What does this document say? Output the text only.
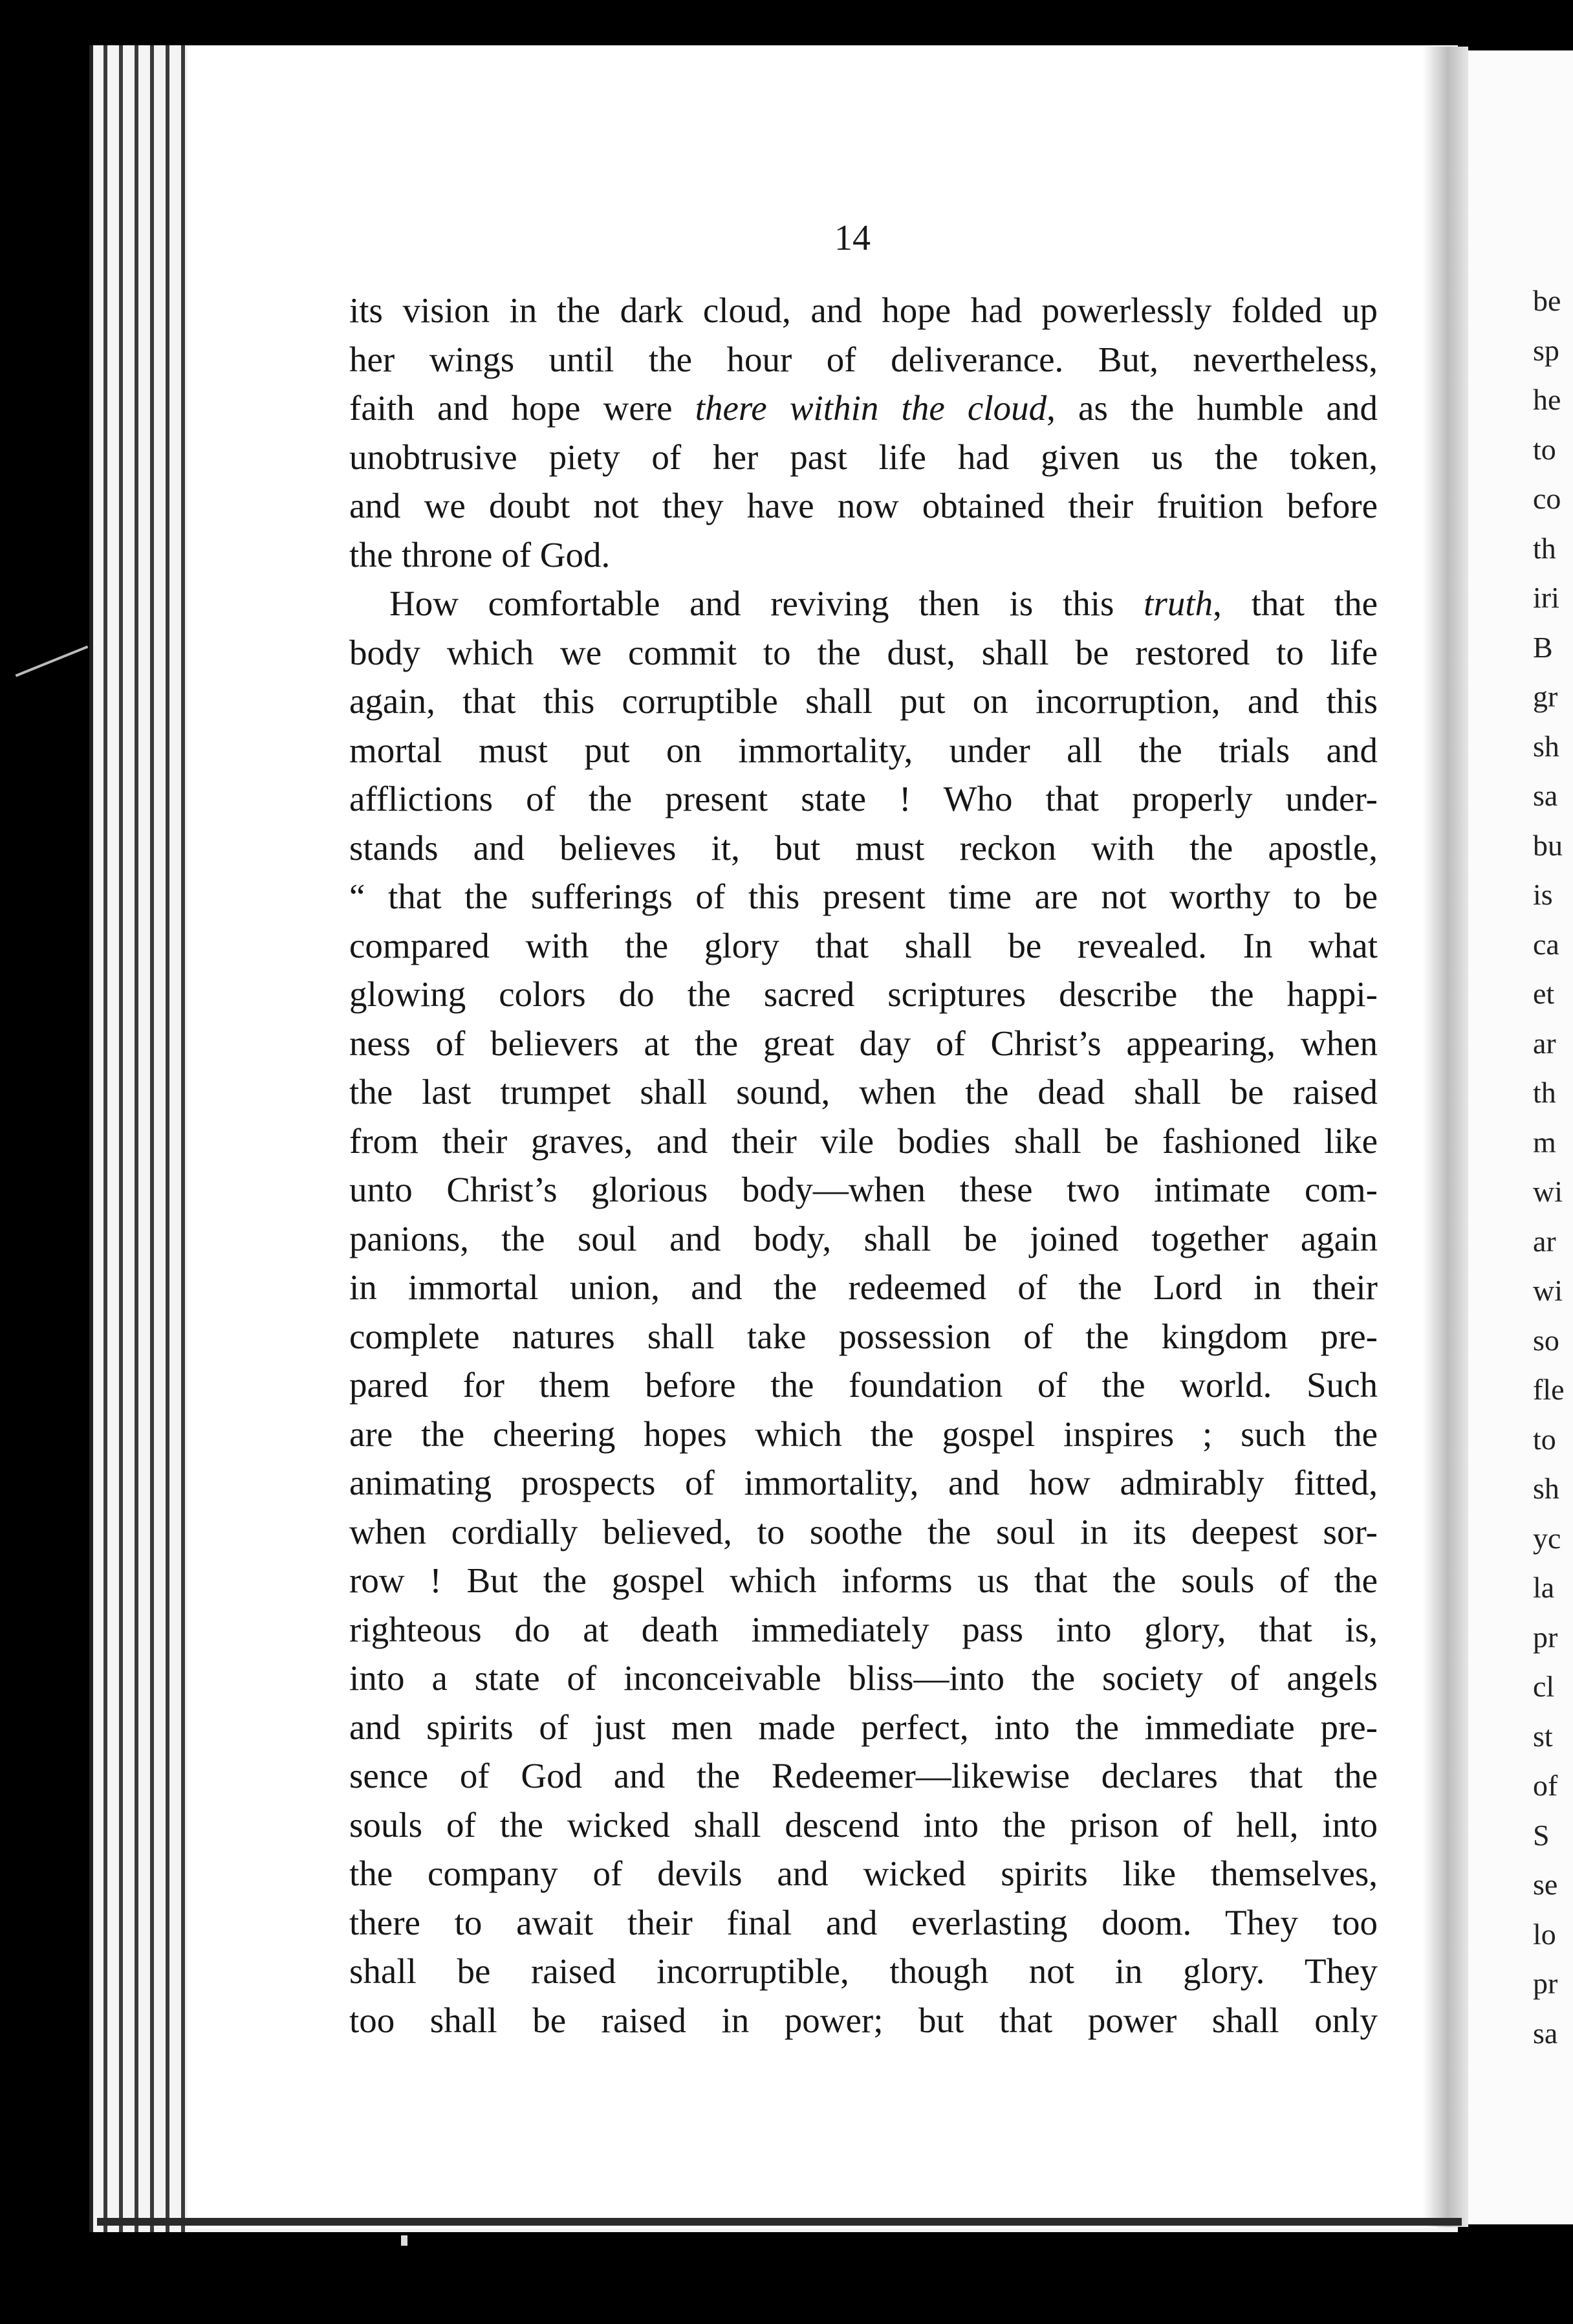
be
sp
he
to
co
th
iri
B
gr
sh
sa
bu
is
ca
et
ar
th
m
wi
ar
wi
so
fle
to
sh
yc
la
pr
cl
st
of
S
se
lo
pr
sa
14
its vision in the dark cloud, and hope had powerlessly folded up
her wings until the hour of deliverance. But, nevertheless,
faith and hope were there within the cloud, as the humble and
unobtrusive piety of her past life had given us the token,
and we doubt not they have now obtained their fruition before
the throne of God.
How comfortable and reviving then is this truth, that the
body which we commit to the dust, shall be restored to life
again, that this corruptible shall put on incorruption, and this
mortal must put on immortality, under all the trials and
afflictions of the present state ! Who that properly under-
stands and believes it, but must reckon with the apostle,
“ that the sufferings of this present time are not worthy to be
compared with the glory that shall be revealed. In what
glowing colors do the sacred scriptures describe the happi-
ness of believers at the great day of Christ’s appearing, when
the last trumpet shall sound, when the dead shall be raised
from their graves, and their vile bodies shall be fashioned like
unto Christ’s glorious body—when these two intimate com-
panions, the soul and body, shall be joined together again
in immortal union, and the redeemed of the Lord in their
complete natures shall take possession of the kingdom pre-
pared for them before the foundation of the world. Such
are the cheering hopes which the gospel inspires ; such the
animating prospects of immortality, and how admirably fitted,
when cordially believed, to soothe the soul in its deepest sor-
row ! But the gospel which informs us that the souls of the
righteous do at death immediately pass into glory, that is,
into a state of inconceivable bliss—into the society of angels
and spirits of just men made perfect, into the immediate pre-
sence of God and the Redeemer—likewise declares that the
souls of the wicked shall descend into the prison of hell, into
the company of devils and wicked spirits like themselves,
there to await their final and everlasting doom. They too
shall be raised incorruptible, though not in glory. They
too shall be raised in power; but that power shall only
